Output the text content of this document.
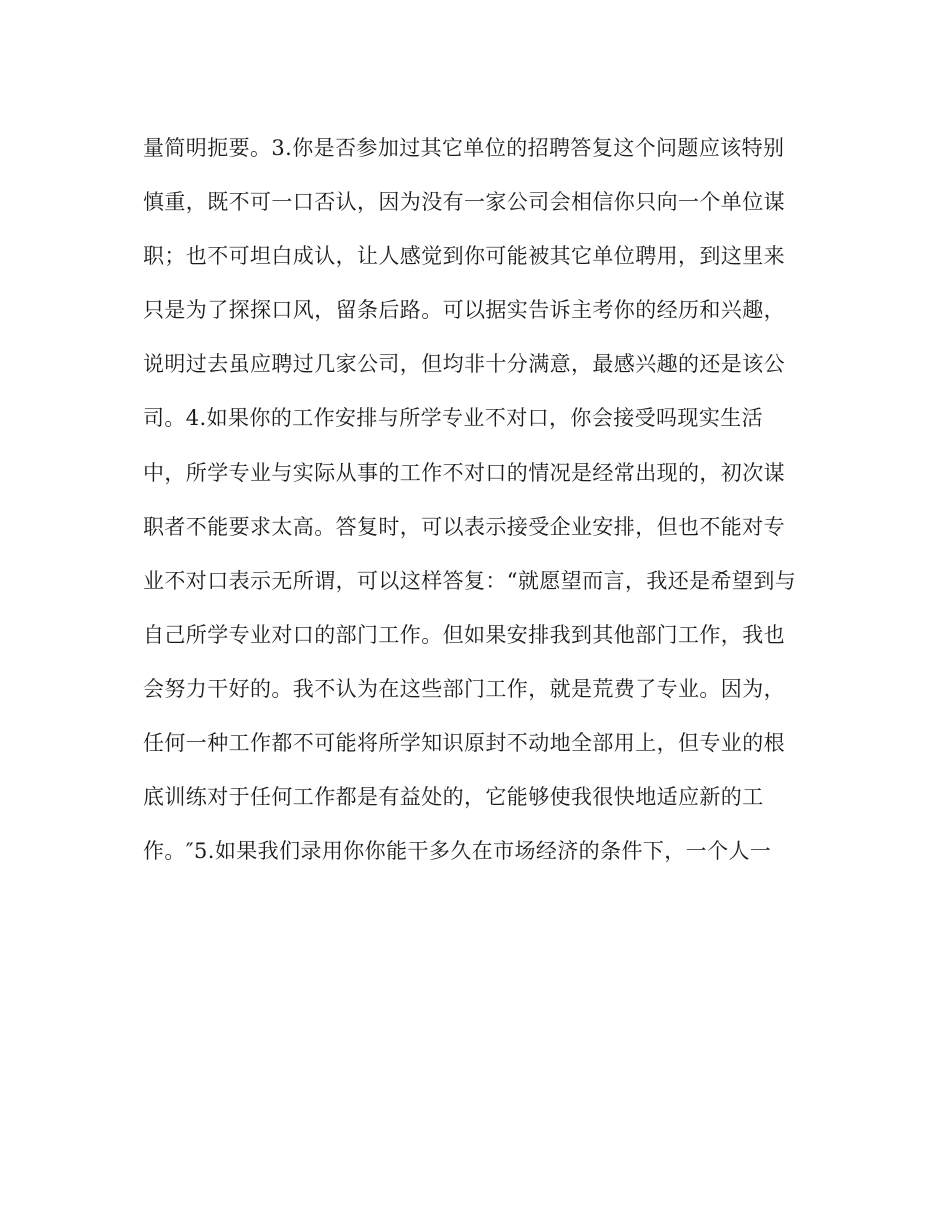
量简明扼要。3.你是否参加过其它单位的招聘答复这个问题应该特别
慎重，既不可一口否认，因为没有一家公司会相信你只向一个单位谋
职；也不可坦白成认，让人感觉到你可能被其它单位聘用，到这里来
只是为了探探口风，留条后路。可以据实告诉主考你的经历和兴趣，
说明过去虽应聘过几家公司，但均非十分满意，最感兴趣的还是该公
司。4.如果你的工作安排与所学专业不对口，你会接受吗现实生活
中，所学专业与实际从事的工作不对口的情况是经常出现的，初次谋
职者不能要求太高。答复时，可以表示接受企业安排，但也不能对专
业不对口表示无所谓，可以这样答复：“就愿望而言，我还是希望到与
自己所学专业对口的部门工作。但如果安排我到其他部门工作，我也
会努力干好的。我不认为在这些部门工作，就是荒费了专业。因为，
任何一种工作都不可能将所学知识原封不动地全部用上，但专业的根
底训练对于任何工作都是有益处的，它能够使我很快地适应新的工
作。″5.如果我们录用你你能干多久在市场经济的条件下，一个人一
